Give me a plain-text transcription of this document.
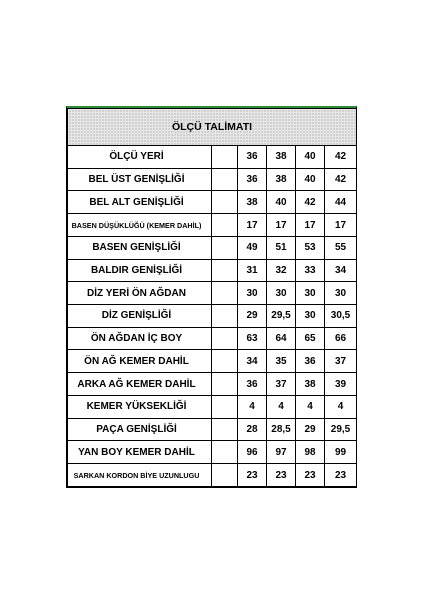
ÖLÇÜ TALİMATI					
ÖLÇÜ YERİ		36	38	40	42
BEL ÜST GENİŞLİĞİ		36	38	40	42
BEL ALT GENİŞLİĞİ		38	40	42	44
BASEN DÜŞÜKLÜĞÜ (KEMER DAHİL)		17	17	17	17
BASEN GENİŞLİĞİ		49	51	53	55
BALDIR GENİŞLİĞİ		31	32	33	34
DİZ YERİ ÖN AĞDAN		30	30	30	30
DİZ GENİŞLİĞİ		29	29,5	30	30,5
ÖN AĞDAN İÇ BOY		63	64	65	66
ÖN AĞ KEMER DAHİL		34	35	36	37
ARKA AĞ KEMER DAHİL		36	37	38	39
KEMER YÜKSEKLİĞİ		4	4	4	4
PAÇA GENİŞLİĞİ		28	28,5	29	29,5
YAN BOY KEMER DAHİL		96	97	98	99
SARKAN KORDON BİYE UZUNLUGU		23	23	23	23
